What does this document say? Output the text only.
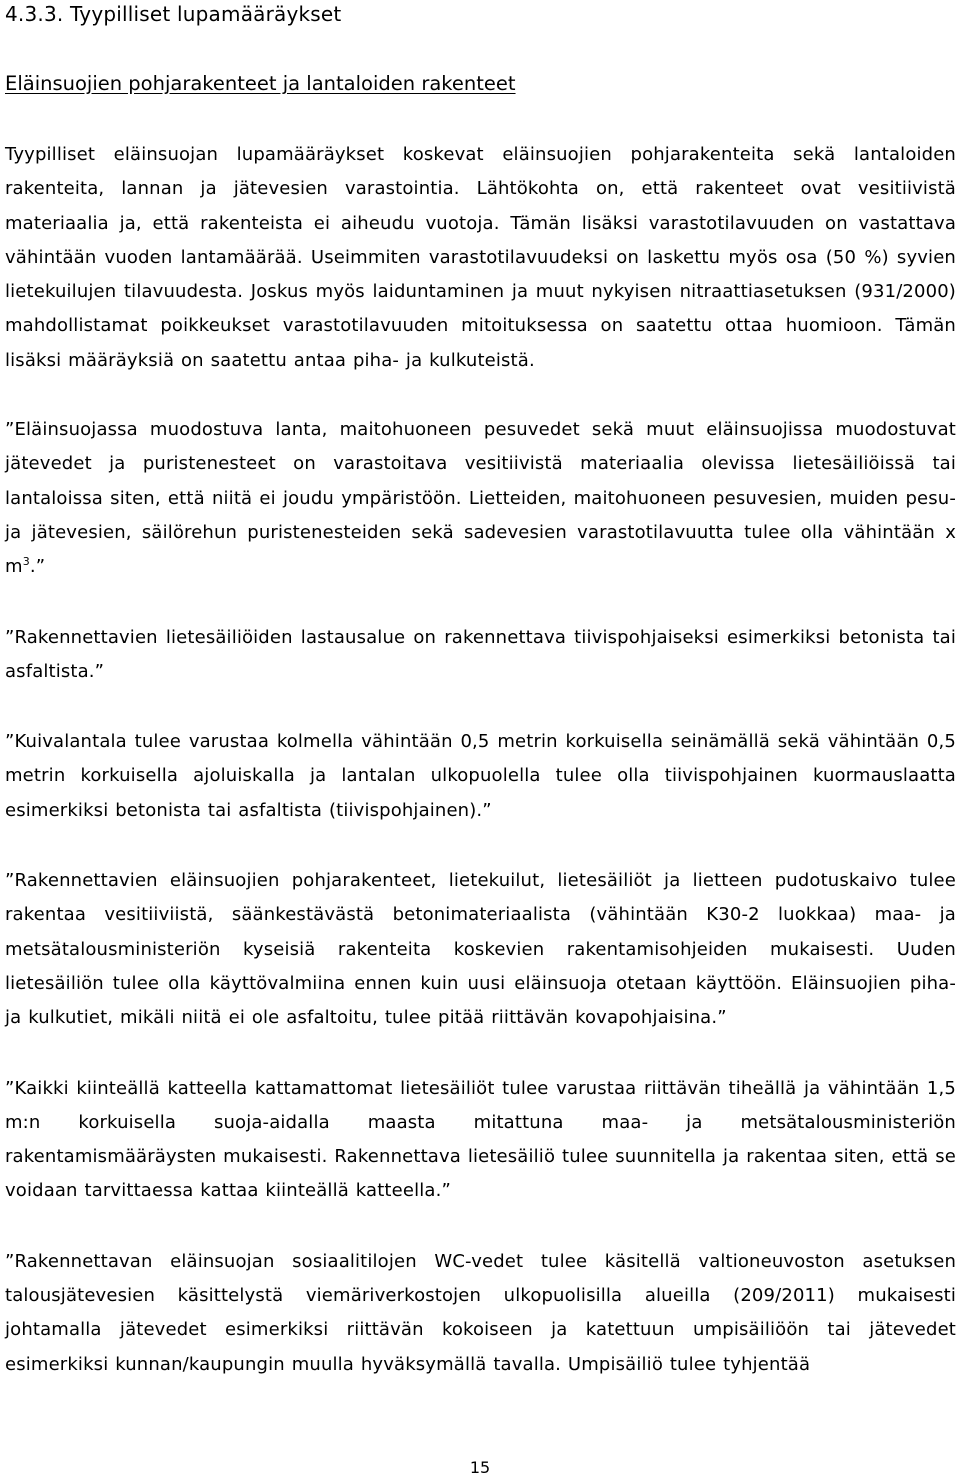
4.3.3. Tyypilliset lupamääräykset
Eläinsuojien pohjarakenteet ja lantaloiden rakenteet

Tyypilliset eläinsuojan lupamääräykset koskevat eläinsuojien pohjarakenteita sekä lantaloiden rakenteita, lannan ja jätevesien varastointia. Lähtökohta on, että rakenteet ovat vesitiivistä materiaalia ja, että rakenteista ei aiheudu vuotoja. Tämän lisäksi varastotilavuuden on vastattava vähintään vuoden lantamäärää. Useimmiten varastotilavuudeksi on laskettu myös osa (50 %) syvien lietekuilujen tilavuudesta. Joskus myös laiduntaminen ja muut nykyisen nitraattiasetuksen (931/2000) mahdollistamat poikkeukset varastotilavuuden mitoituksessa on saatettu ottaa huomioon. Tämän lisäksi määräyksiä on saatettu antaa piha- ja kulkuteistä.

”Eläinsuojassa muodostuva lanta, maitohuoneen pesuvedet sekä muut eläinsuojissa muodostuvat jätevedet ja puristenesteet on varastoitava vesitiivistä materiaalia olevissa lietesäiliöissä tai lantaloissa siten, että niitä ei joudu ympäristöön. Lietteiden, maitohuoneen pesuvesien, muiden pesu- ja jätevesien, säilörehun puristenesteiden sekä sadevesien varastotilavuutta tulee olla vähintään x $m^3$.”

”Rakennettavien lietesäiliöiden lastausalue on rakennettava tiivispohjaiseksi esimerkiksi betonista tai asfaltista.”

”Kuivalantala tulee varustaa kolmella vähintään 0,5 metrin korkuisella seinämällä sekä vähintään 0,5 metrin korkuisella ajoluiskalla ja lantalan ulkopuolella tulee olla tiivispohjainen kuormauslaatta esimerkiksi betonista tai asfaltista (tiivispohjainen).”

”Rakennettavien eläinsuojien pohjarakenteet, lietekuilut, lietesäiliöt ja lietteen pudotuskaivo tulee rakentaa vesitiiviistä, säänkestävästä betonimateriaalista (vähintään K30-2 luokkaa) maa- ja metsätalousministeriön kyseisiä rakenteita koskevien rakentamisohjeiden mukaisesti. Uuden lietesäiliön tulee olla käyttövalmiina ennen kuin uusi eläinsuoja otetaan käyttöön. Eläinsuojien piha- ja kulkutiet, mikäli niitä ei ole asfaltoitu, tulee pitää riittävän kovapohjaisina.”

”Kaikki kiinteällä katteella kattamattomat lietesäiliöt tulee varustaa riittävän tiheällä ja vähintään 1,5 m:n korkuisella suoja-aidalla maasta mitattuna maa- ja metsätalousministeriön rakentamismääräysten mukaisesti. Rakennettava lietesäiliö tulee suunnitella ja rakentaa siten, että se voidaan tarvittaessa kattaa kiinteällä katteella.”

”Rakennettavan eläinsuojan sosiaalitilojen WC-vedet tulee käsitellä valtioneuvoston asetuksen talousjätevesien käsittelystä viemäriverkostojen ulkopuolisilla alueilla (209/2011) mukaisesti johtamalla jätevedet esimerkiksi riittävän kokoiseen ja katettuun umpisäiliöön tai jätevedet esimerkiksi kunnan/kaupungin muulla hyväksymällä tavalla. Umpisäiliö tulee tyhjentää

15
